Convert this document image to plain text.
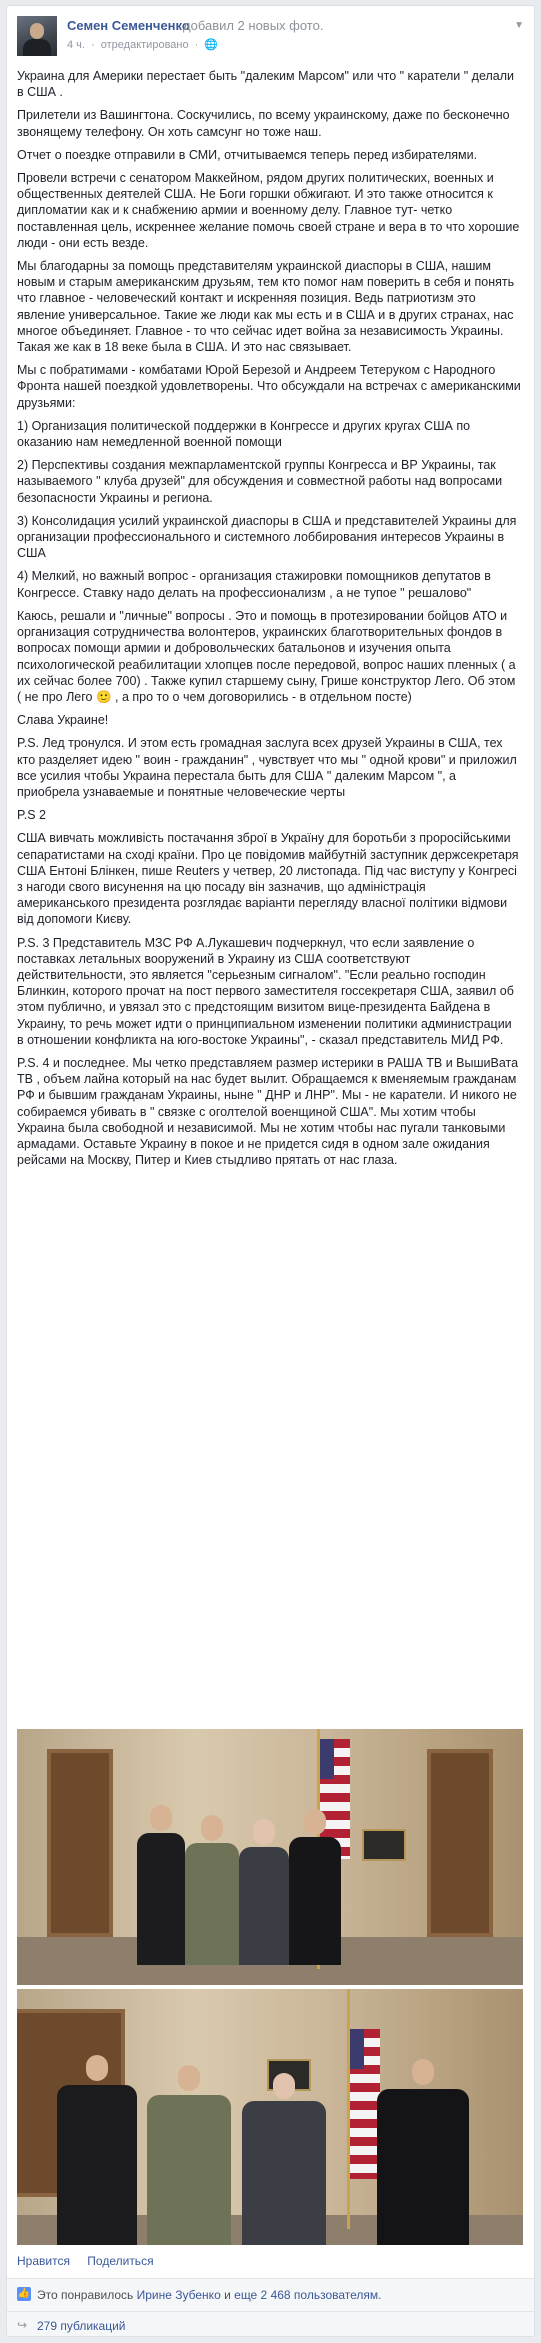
Семен Семенченко
добавил 2 новых фото.
4 ч. · отредактировано · 🌐
▼

Украина для Америки перестает быть "далеким Марсом" или что " каратели " делали в США .

Прилетели из Вашингтона. Соскучились, по всему украинскому, даже по бесконечно звонящему телефону. Он хоть самсунг но тоже наш.

Отчет о поездке отправили в СМИ, отчитываемся теперь перед избирателями.

Провели встречи с сенатором Маккейном, рядом других политических, военных и общественных деятелей США. Не Боги горшки обжигают. И это также относится к дипломатии как и к снабжению армии и военному делу. Главное тут- четко поставленная цель, искреннее желание помочь своей стране и вера в то что хорошие люди - они есть везде.

Мы благодарны за помощь представителям украинской диаспоры в США, нашим новым и старым американским друзьям, тем кто помог нам поверить в себя и понять что главное - человеческий контакт и искренняя позиция. Ведь патриотизм это явление универсальное. Такие же люди как мы есть и в США и в других странах, нас многое объединяет. Главное - то что сейчас идет война за независимость Украины. Такая же как в 18 веке была в США. И это нас связывает.

Мы с побратимами - комбатами Юрой Березой и Андреем Тетеруком с Народного Фронта нашей поездкой удовлетворены. Что обсуждали на встречах с американскими друзьями:

1) Организация политической поддержки в Конгрессе и других кругах США по оказанию нам немедленной военной помощи

2) Перспективы создания межпарламентской группы Конгресса и ВР Украины, так называемого " клуба друзей" для обсуждения и совместной работы над вопросами безопасности Украины и региона.

3) Консолидация усилий украинской диаспоры в США и представителей Украины для организации профессионального и системного лоббирования интересов Украины в США

4) Мелкий, но важный вопрос - организация стажировки помощников депутатов в Конгрессе. Ставку надо делать на профессионализм , а не тупое " решалово"

Каюсь, решали и "личные" вопросы . Это и помощь в протезировании бойцов АТО и организация сотрудничества волонтеров, украинских благотворительных фондов в вопросах помощи армии и добровольческих батальонов и изучения опыта психологической реабилитации хлопцев после передовой, вопрос наших пленных ( а их сейчас более 700) . Также купил старшему сыну, Грише конструктор Лего. Об этом ( не про Лего 🙂 , а про то о чем договорились - в отдельном посте)

Слава Украине!

P.S. Лед тронулся. И этом есть громадная заслуга всех друзей Украины в США, тех кто разделяет идею " воин - гражданин" , чувствует что мы " одной крови" и приложил все усилия чтобы Украина перестала быть для США " далеким Марсом ", а приобрела узнаваемые и понятные человеческие черты

P.S 2

США вивчать можливість постачання зброї в Україну для боротьби з проросійськими сепаратистами на сході країни. Про це повідомив майбутній заступник держсекретаря США Ентоні Блінкен, пише Reuters у четвер, 20 листопада. Під час виступу у Конгресі з нагоди свого висунення на цю посаду він зазначив, що адміністрація американського президента розглядає варіанти перегляду власної політики відмови від допомоги Києву.

P.S. 3 Представитель МЗС РФ А.Лукашевич подчеркнул, что если заявление о поставках летальных вооружений в Украину из США соответствуют действительности, это является "серьезным сигналом". "Если реально господин Блинкин, которого прочат на пост первого заместителя госсекретаря США, заявил об этом публично, и увязал это с предстоящим визитом вице-президента Байдена в Украину, то речь может идти о принципиальном изменении политики администрации в отношении конфликта на юго-востоке Украины", - сказал представитель МИД РФ.

P.S. 4 и последнее. Мы четко представляем размер истерики в РАША ТВ и ВышиВата ТВ , объем лайна который на нас будет вылит. Обращаемся к вменяемым гражданам РФ и бывшим гражданам Украины, ныне " ДНР и ЛНР". Мы - не каратели. И никого не собираемся убивать в " связке с оголтелой военщиной США". Мы хотим чтобы Украина была свободной и независимой. Мы не хотим чтобы нас пугали танковыми армадами. Оставьте Украину в покое и не придется сидя в одном зале ожидания рейсами на Москву, Питер и Киев стыдливо прятать от нас глаза.

Нравится Поделиться
👍 Это понравилось Ирине Зубенко и еще 2 468 пользователям.
↪ 279 публикаций
